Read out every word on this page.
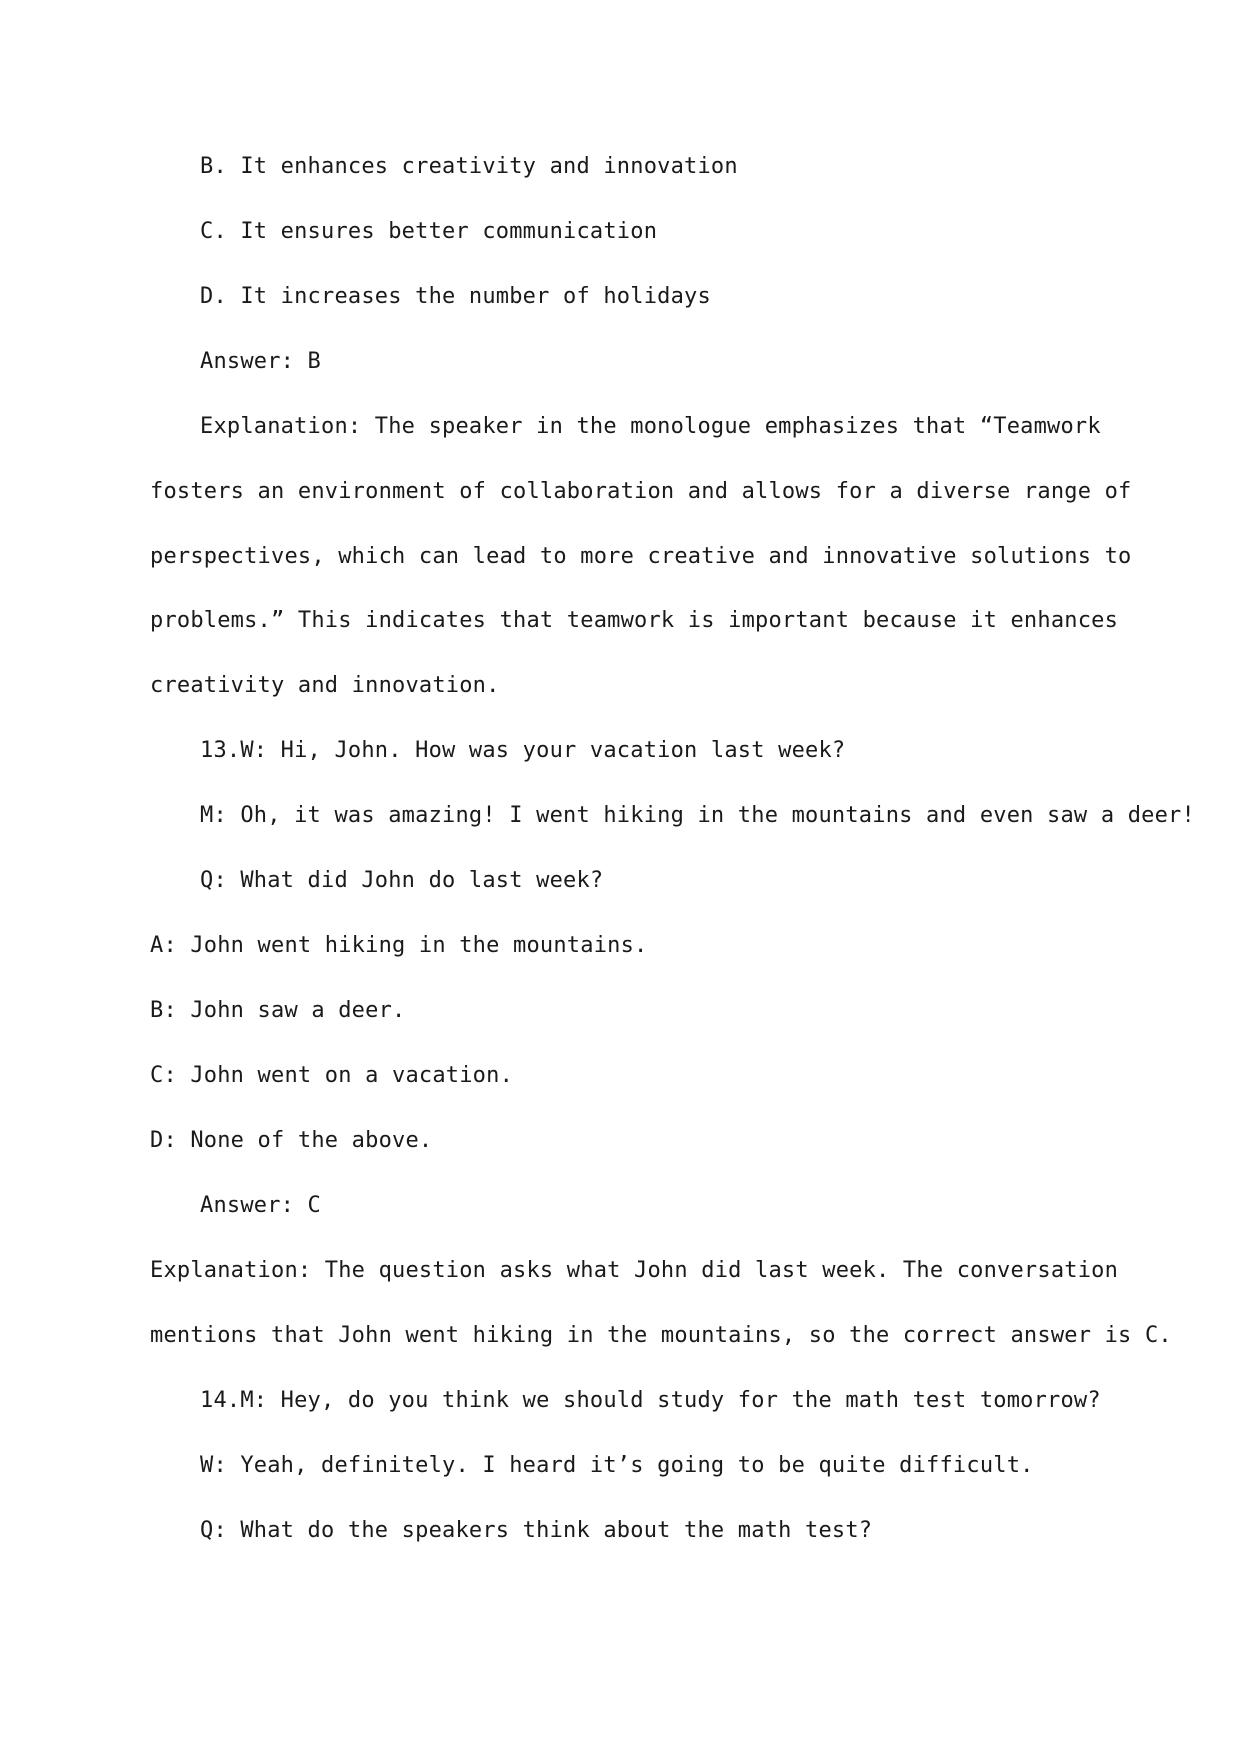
B. It enhances creativity and innovation
C. It ensures better communication
D. It increases the number of holidays
Answer: B
Explanation: The speaker in the monologue emphasizes that “Teamwork
fosters an environment of collaboration and allows for a diverse range of
perspectives, which can lead to more creative and innovative solutions to
problems.” This indicates that teamwork is important because it enhances
creativity and innovation.
13.W: Hi, John. How was your vacation last week?
M: Oh, it was amazing! I went hiking in the mountains and even saw a deer!
Q: What did John do last week?
A: John went hiking in the mountains.
B: John saw a deer.
C: John went on a vacation.
D: None of the above.
Answer: C
Explanation: The question asks what John did last week. The conversation
mentions that John went hiking in the mountains, so the correct answer is C.
14.M: Hey, do you think we should study for the math test tomorrow?
W: Yeah, definitely. I heard it’s going to be quite difficult.
Q: What do the speakers think about the math test?
